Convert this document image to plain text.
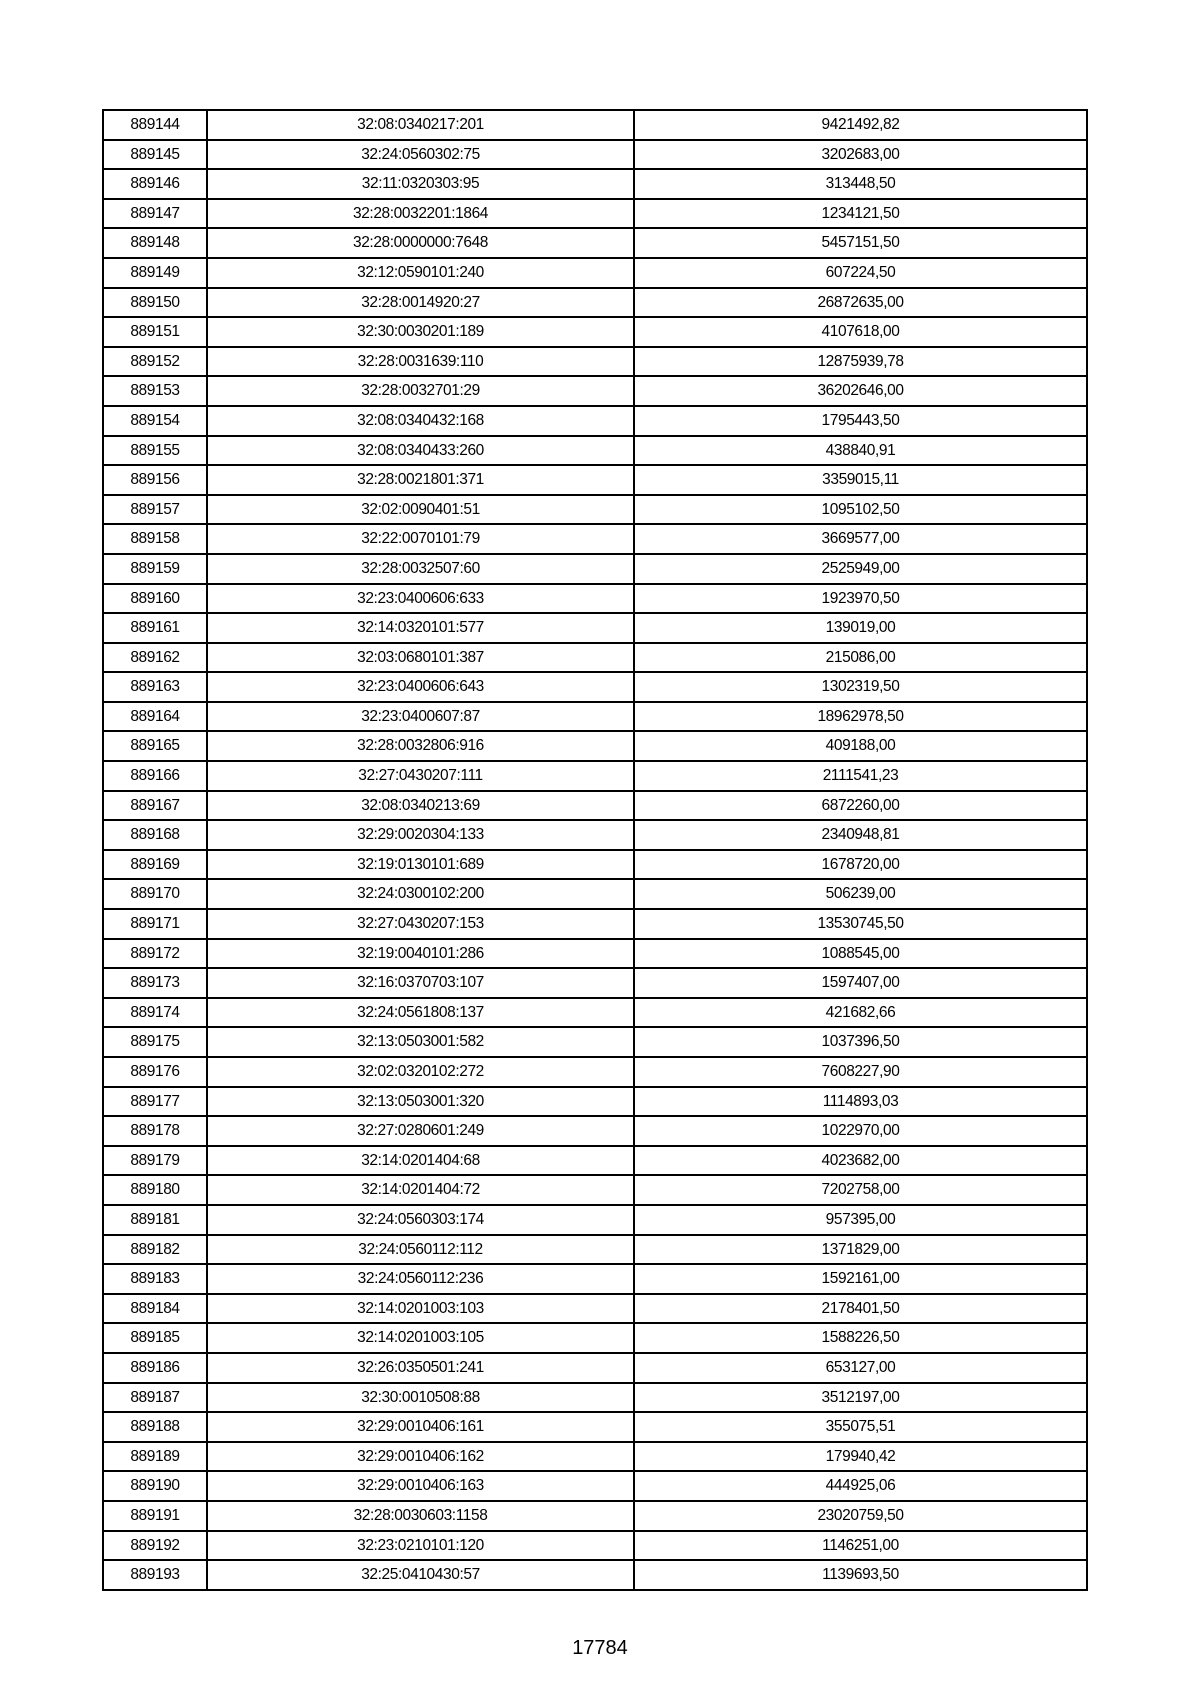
889144	32:08:0340217:201	9421492,82
889145	32:24:0560302:75	3202683,00
889146	32:11:0320303:95	313448,50
889147	32:28:0032201:1864	1234121,50
889148	32:28:0000000:7648	5457151,50
889149	32:12:0590101:240	607224,50
889150	32:28:0014920:27	26872635,00
889151	32:30:0030201:189	4107618,00
889152	32:28:0031639:110	12875939,78
889153	32:28:0032701:29	36202646,00
889154	32:08:0340432:168	1795443,50
889155	32:08:0340433:260	438840,91
889156	32:28:0021801:371	3359015,11
889157	32:02:0090401:51	1095102,50
889158	32:22:0070101:79	3669577,00
889159	32:28:0032507:60	2525949,00
889160	32:23:0400606:633	1923970,50
889161	32:14:0320101:577	139019,00
889162	32:03:0680101:387	215086,00
889163	32:23:0400606:643	1302319,50
889164	32:23:0400607:87	18962978,50
889165	32:28:0032806:916	409188,00
889166	32:27:0430207:111	2111541,23
889167	32:08:0340213:69	6872260,00
889168	32:29:0020304:133	2340948,81
889169	32:19:0130101:689	1678720,00
889170	32:24:0300102:200	506239,00
889171	32:27:0430207:153	13530745,50
889172	32:19:0040101:286	1088545,00
889173	32:16:0370703:107	1597407,00
889174	32:24:0561808:137	421682,66
889175	32:13:0503001:582	1037396,50
889176	32:02:0320102:272	7608227,90
889177	32:13:0503001:320	1114893,03
889178	32:27:0280601:249	1022970,00
889179	32:14:0201404:68	4023682,00
889180	32:14:0201404:72	7202758,00
889181	32:24:0560303:174	957395,00
889182	32:24:0560112:112	1371829,00
889183	32:24:0560112:236	1592161,00
889184	32:14:0201003:103	2178401,50
889185	32:14:0201003:105	1588226,50
889186	32:26:0350501:241	653127,00
889187	32:30:0010508:88	3512197,00
889188	32:29:0010406:161	355075,51
889189	32:29:0010406:162	179940,42
889190	32:29:0010406:163	444925,06
889191	32:28:0030603:1158	23020759,50
889192	32:23:0210101:120	1146251,00
889193	32:25:0410430:57	1139693,50
17784
